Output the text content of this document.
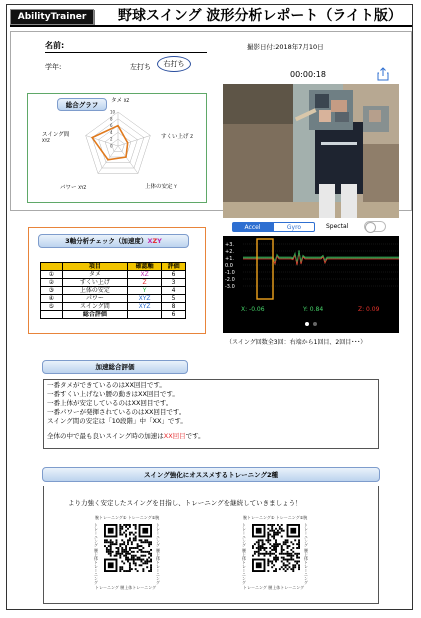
AbilityTrainer	野球スイング 波形分析レポート（ライト版）
名前:	撮影日付:2018年7月10日
学年:	左打ち	右打ち
00:00:18
総合グラフ
10
8
6
4
2
0
タメ XZ
すくい上げ Z
上体の安定 Y
パワー XYZ
スイング間
XYZ
Accel	Gyro	Spectal
+3.
+2.
+1.
0.0
-1.0
-2.0
-3.0
X: -0.06	Y: 0.84	Z: 0.09
（スイング回数全3回：右端から1回目、2回目･･･）
3軸分析チェック（加速度）XZY
	項目	確認軸	評価
①	タメ	XZ	6
②	すくい上げ	Z	3
③	上体の安定	Y	4
④	パワー	XYZ	5
⑤	スイング間	XYZ	8
	総合評価		6
加速総合評価
一番タメができているのはXX回目です。
一番すくい上げない腰の動きはXX回目です。
一番上体が安定しているのはXX回目です。
一番パワーが発揮されているのはXX回目です。
スイング間の安定は「10段階」中「XX」です。
全体の中で最も良いスイング時の加速はXX回目です。
スイング強化にオススメするトレーニング2種
より力強く安定したスイングを目指し、トレーニングを継続していきましょう！
腕トレーニング① トレーニング①腕
トレーニング 腰上体トレーニング	トレーニング 腰上体トレーニング
トレーニング 腰上体トレーニング
腕トレーニング① トレーニング①腕
トレーニング 腰上体トレーニング	トレーニング 腰上体トレーニング
トレーニング 腰上体トレーニング
